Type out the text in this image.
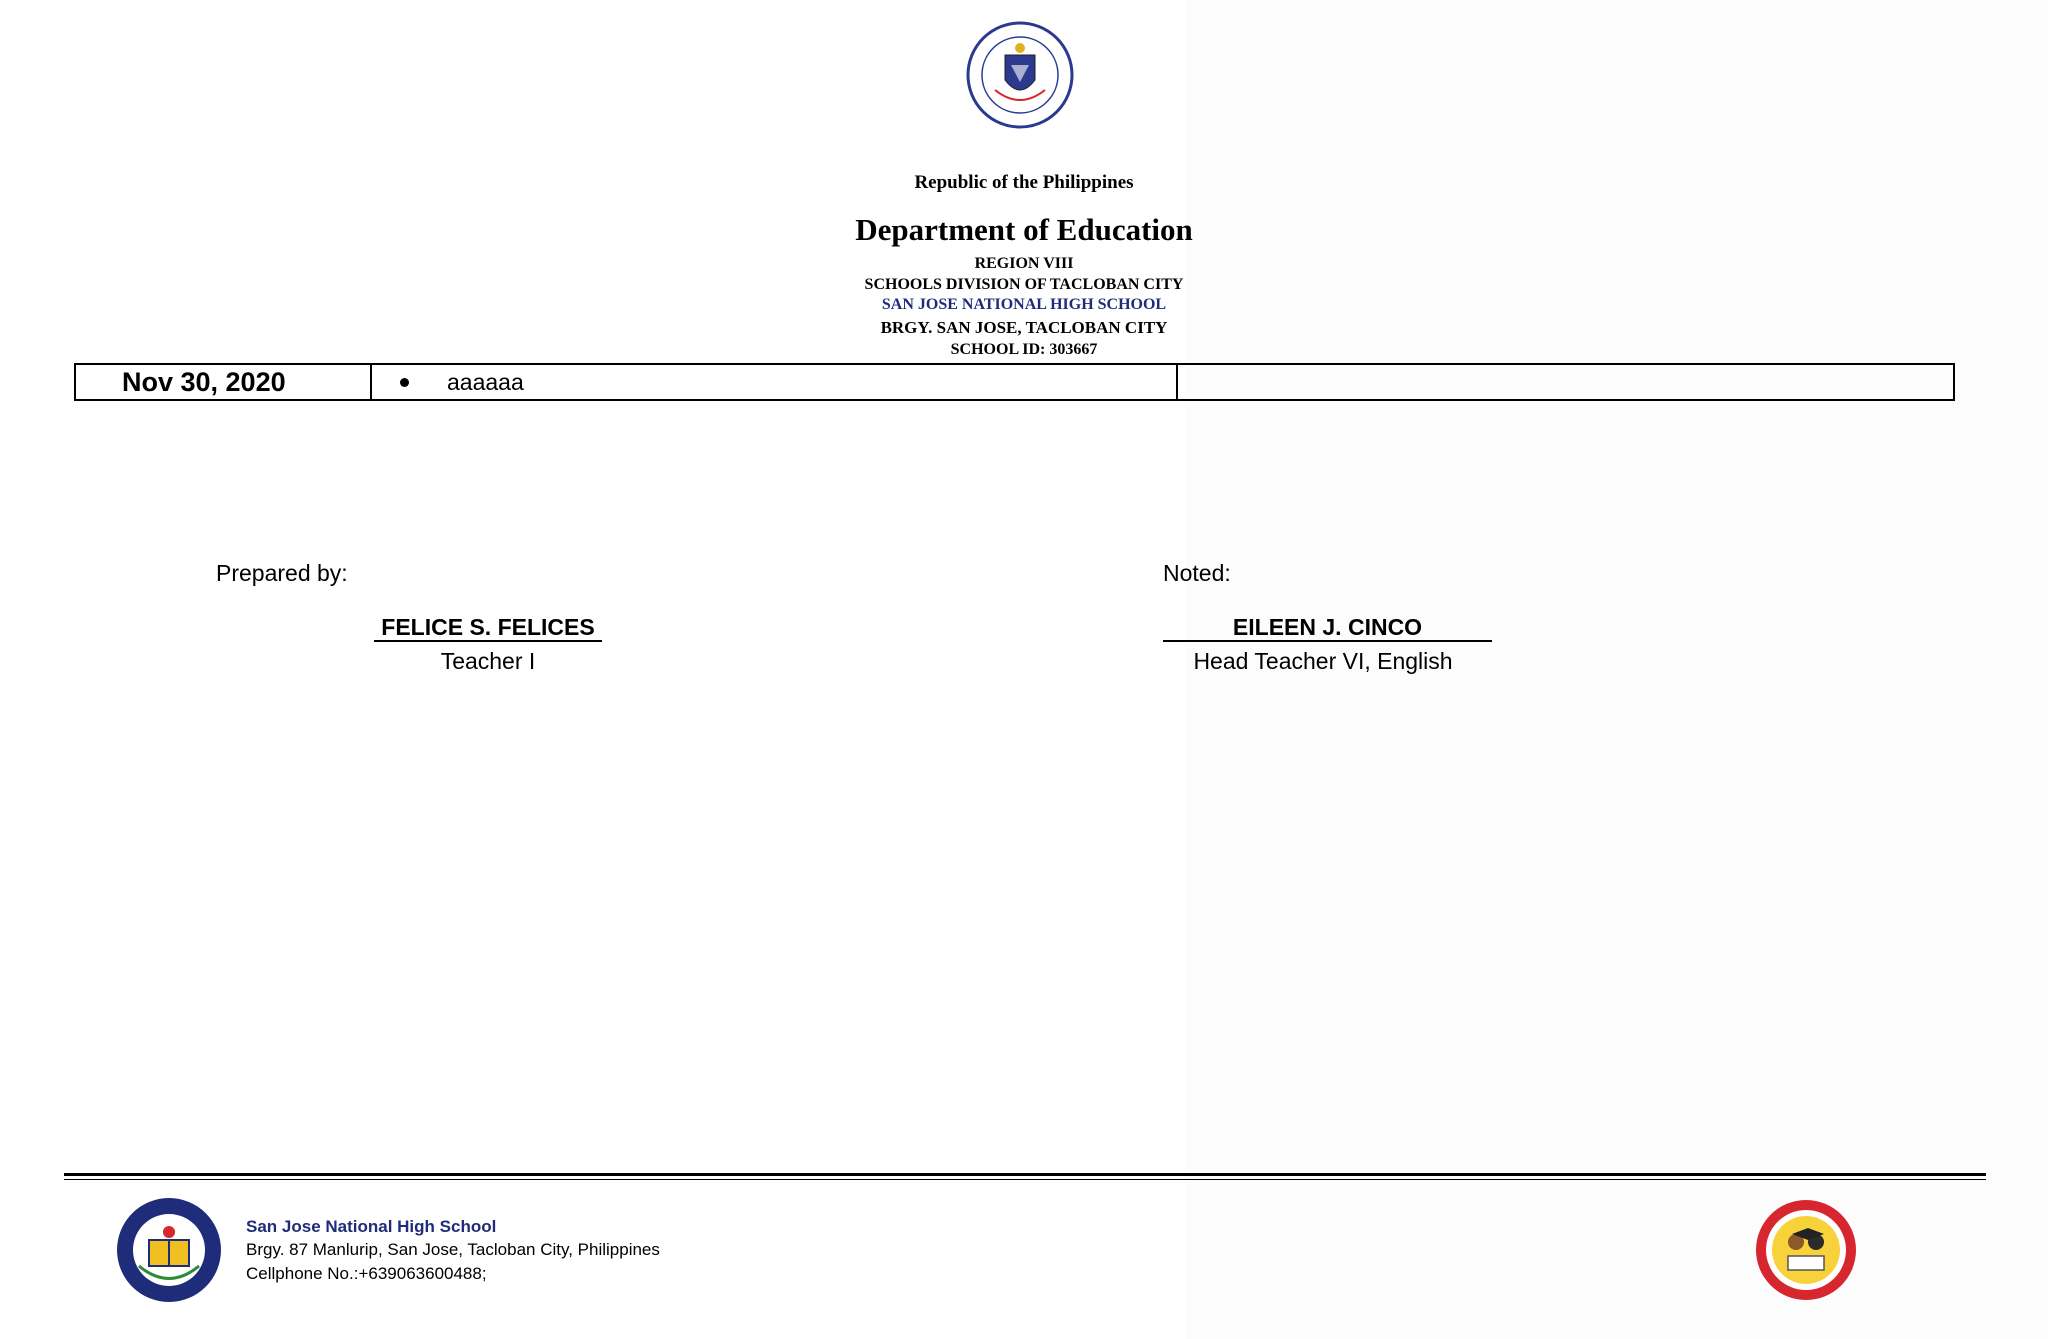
Republic of the Philippines
Department of Education
REGION VIII
SCHOOLS DIVISION OF TACLOBAN CITY
SAN JOSE NATIONAL HIGH SCHOOL
BRGY. SAN JOSE, TACLOBAN CITY
SCHOOL ID: 303667
Nov 30, 2020	aaaaaa
Prepared by:	Noted:
FELICE S. FELICES
Teacher I
EILEEN J. CINCO
Head Teacher VI, English
San Jose National High School
Brgy. 87 Manlurip, San Jose, Tacloban City, Philippines
Cellphone No.:+639063600488;
